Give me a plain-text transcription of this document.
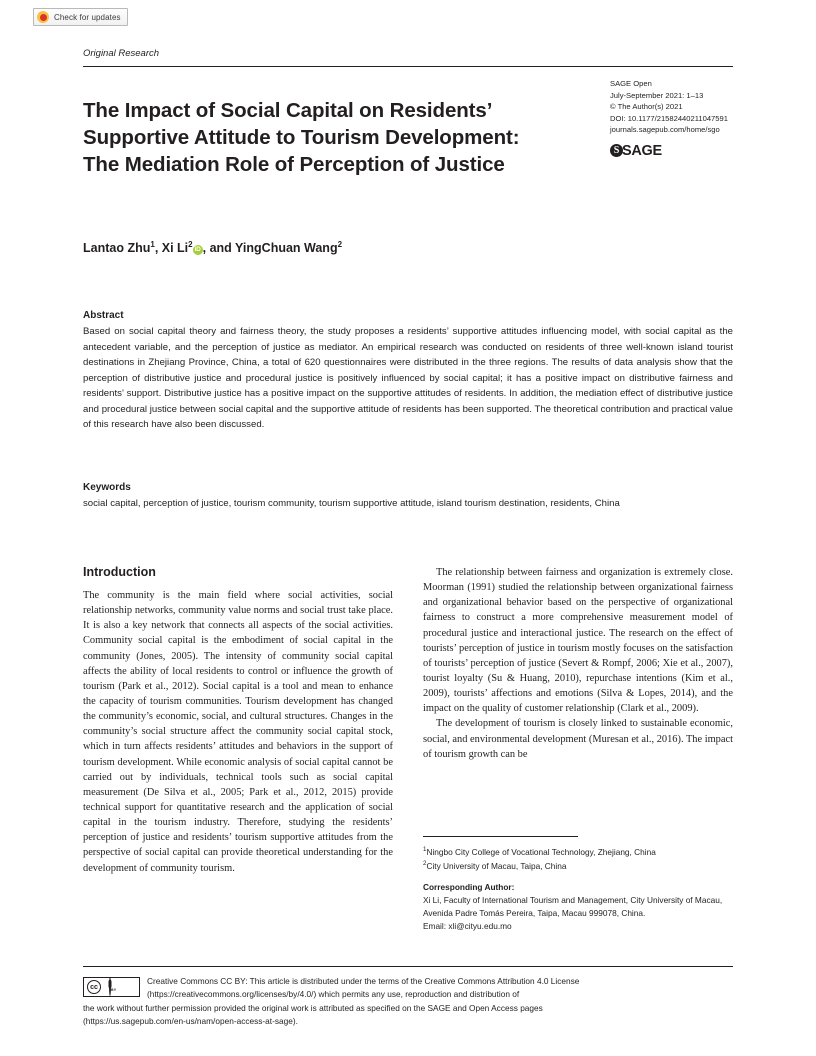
Check for updates
Original Research
The Impact of Social Capital on Residents’ Supportive Attitude to Tourism Development: The Mediation Role of Perception of Justice
SAGE Open
July-September 2021: 1–13
© The Author(s) 2021
DOI: 10.1177/21582440211047591
journals.sagepub.com/home/sgo
S SAGE
Lantao Zhu$^1$, Xi Li$^2$iD , and YingChuan Wang$^2$
Abstract

Based on social capital theory and fairness theory, the study proposes a residents’ supportive attitudes influencing model, with social capital as the antecedent variable, and the perception of justice as mediator. An empirical research was conducted on residents of three well-known island tourist destinations in Zhejiang Province, China, a total of 620 questionnaires were distributed in the three regions. The results of data analysis show that the perception of distributive justice and procedural justice is positively influenced by social capital; it has a positive impact on distributive fairness and residents’ support. Distributive justice has a positive impact on the supportive attitudes of residents. In addition, the mediation effect of distributive justice and procedural justice between social capital and the supportive attitude of residents has been supported. The theoretical contribution and practical value of this research have also been discussed.

Keywords

social capital, perception of justice, tourism community, tourism supportive attitude, island tourism destination, residents, China

Introduction

The community is the main field where social activities, social relationship networks, community value norms and social trust take place. It is also a key network that connects all aspects of the social activities. Community social capital is the embodiment of social capital in the community (Jones, 2005). The intensity of community social capital affects the ability of local residents to control or influence the growth of tourism (Park et al., 2012). Social capital is a tool and mean to enhance the capacity of tourism communities. Tourism development has changed the community’s economic, social, and cultural structures. Changes in the community’s social structure affect the community social capital stock, which in turn affects residents’ attitudes and behaviors in the support of tourism development. While economic analysis of social capital cannot be carried out by individuals, technical tools such as social capital measurement (De Silva et al., 2005; Park et al., 2012, 2015) provide technical support for quantitative research and the application of social capital in the tourism industry. Therefore, studying the residents’ perception of justice and residents’ tourism supportive attitudes from the perspective of social capital can provide theoretical understanding for the development of community tourism.

The relationship between fairness and organization is extremely close. Moorman (1991) studied the relationship between organizational fairness and organizational behavior based on the perspective of organizational fairness to construct a more comprehensive measurement model of procedural justice and interactional justice. The research on the effect of tourists’ perception of justice in tourism mostly focuses on the satisfaction of tourists’ perception of justice (Severt & Rompf, 2006; Xie et al., 2007), tourist loyalty (Su & Huang, 2010), repurchase intentions (Kim et al., 2009), tourists’ affections and emotions (Silva & Lopes, 2014), and the impact on the quality of customer relationship (Clark et al., 2009).

The development of tourism is closely linked to sustainable economic, social, and environmental development (Muresan et al., 2016). The impact of tourism growth can be

$^1$Ningbo City College of Vocational Technology, Zhejiang, China
$^2$City University of Macau, Taipa, China
Corresponding Author:
Xi Li, Faculty of International Tourism and Management, City University of Macau, Avenida Padre Tomás Pereira, Taipa, Macau 999078, China.
Email: xli@cityu.edu.mo
cc	BY
Creative Commons CC BY: This article is distributed under the terms of the Creative Commons Attribution 4.0 License
(https://creativecommons.org/licenses/by/4.0/) which permits any use, reproduction and distribution of
the work without further permission provided the original work is attributed as specified on the SAGE and Open Access pages
(https://us.sagepub.com/en-us/nam/open-access-at-sage).
